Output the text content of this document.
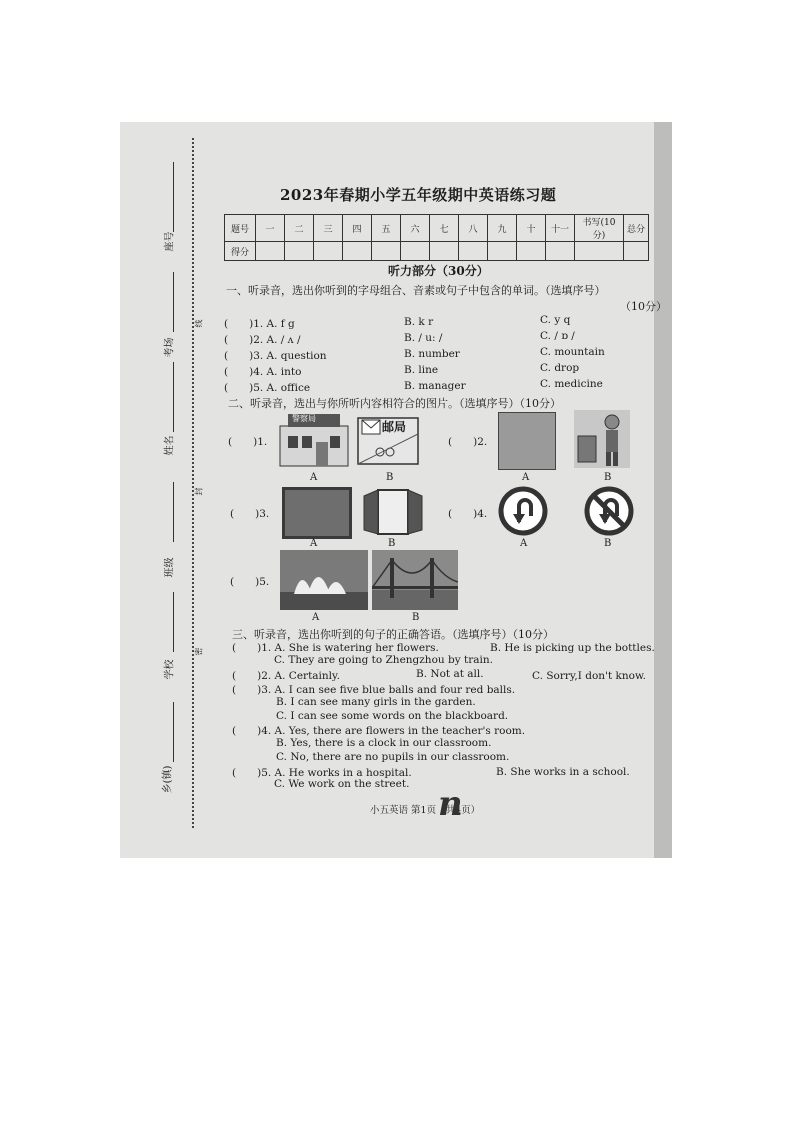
座号
考场
姓名
班级
学校
乡(镇)
线
封
密
2023年春期小学五年级期中英语练习题
题号	一	二	三	四	五	六	七	八	九	十	十一	书写(10分)	总分
得分													
听力部分（30分）
一、听录音，选出你听到的字母组合、音素或句子中包含的单词。（选填序号）
（10分）
(　　)1. A. f g	B. k r	C. y q
(　　)2. A. / ʌ /	B. / u: /	C. / ɒ /
(　　)3. A. question	B. number	C. mountain
(　　)4. A. into	B. line	C. drop
(　　)5. A. office	B. manager	C. medicine
二、听录音，选出与你所听内容相符合的图片。（选填序号）（10分）
(　　)1.
警察局
邮局
A	B
(　　)2.
A	B
(　　)3.
A	B
(　　)4.
A	B
(　　)5.
A	B
三、听录音，选出你听到的句子的正确答语。（选填序号）（10分）
(　　)1. A. She is watering her flowers.	B. He is picking up the bottles.
C. They are going to Zhengzhou by train.
(　　)2. A. Certainly.	B. Not at all.	C. Sorry,I don't know.
(　　)3. A. I can see five blue balls and four red balls.
B. I can see many girls in the garden.
C. I can see some words on the blackboard.
(　　)4. A. Yes, there are flowers in the teacher's room.
B. Yes, there is a clock in our classroom.
C. No, there are no pupils in our classroom.
(　　)5. A. He works in a hospital.	B. She works in a school.
C. We work on the street.
小五英语 第1页（共4页）
n
